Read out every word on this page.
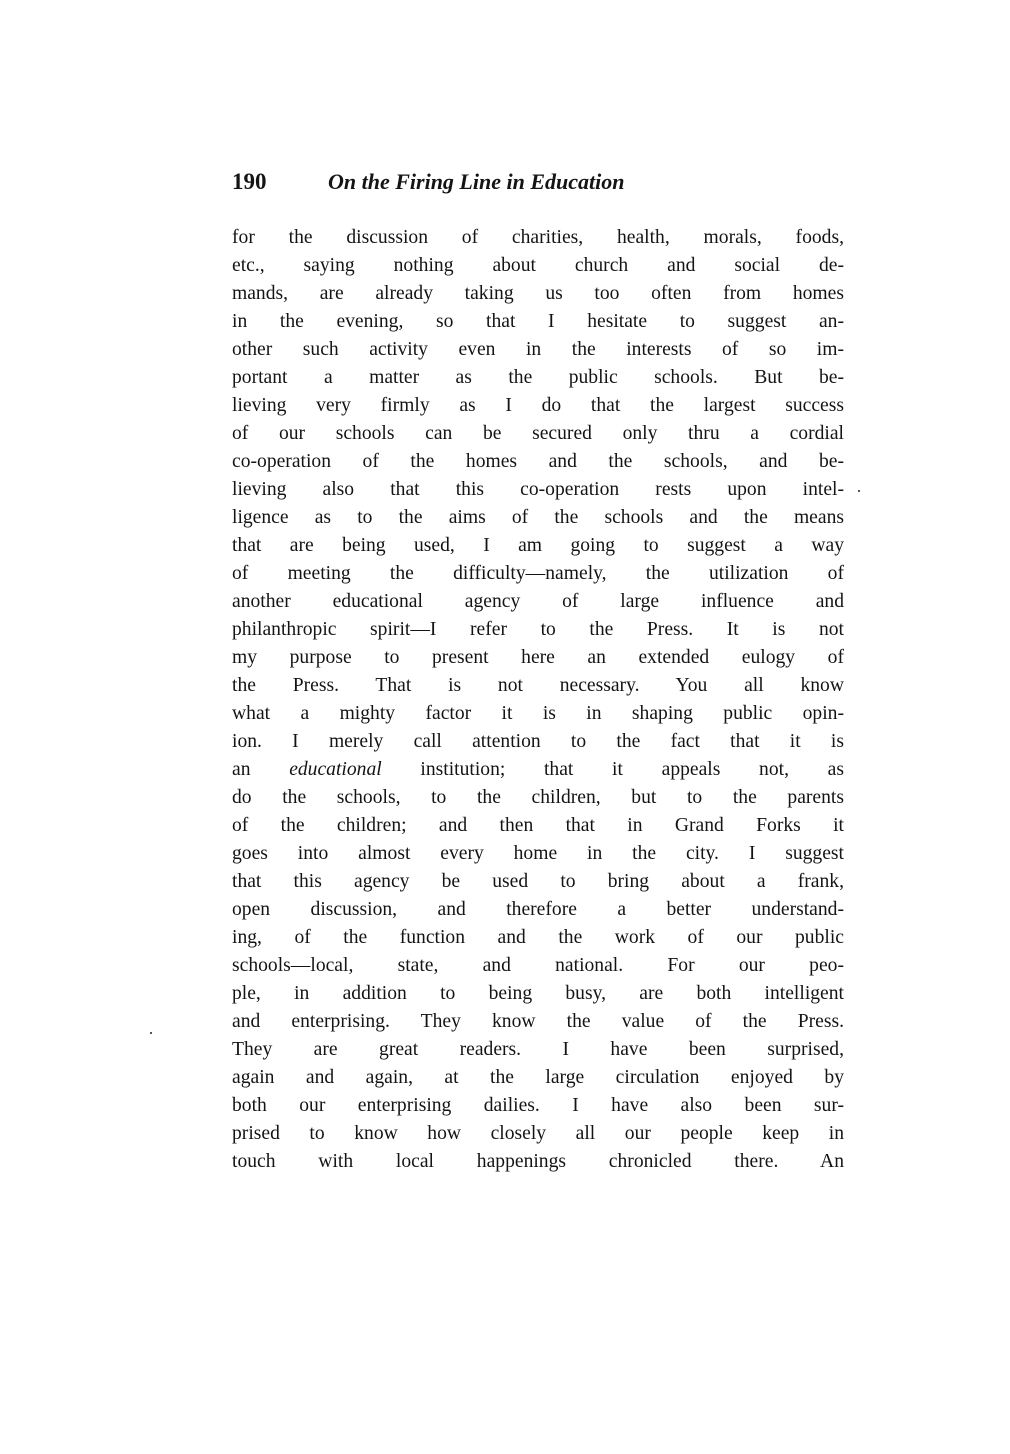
190	On the Firing Line in Education
for the discussion of charities, health, morals, foods,
etc., saying nothing about church and social de-
mands, are already taking us too often from homes
in the evening, so that I hesitate to suggest an-
other such activity even in the interests of so im-
portant a matter as the public schools. But be-
lieving very firmly as I do that the largest success
of our schools can be secured only thru a cordial
co-operation of the homes and the schools, and be-
lieving also that this co-operation rests upon intel-
ligence as to the aims of the schools and the means
that are being used, I am going to suggest a way
of meeting the difficulty—namely, the utilization of
another educational agency of large influence and
philanthropic spirit—I refer to the Press. It is not
my purpose to present here an extended eulogy of
the Press. That is not necessary. You all know
what a mighty factor it is in shaping public opin-
ion. I merely call attention to the fact that it is
an educational institution; that it appeals not, as
do the schools, to the children, but to the parents
of the children; and then that in Grand Forks it
goes into almost every home in the city. I suggest
that this agency be used to bring about a frank,
open discussion, and therefore a better understand-
ing, of the function and the work of our public
schools—local, state, and national. For our peo-
ple, in addition to being busy, are both intelligent
and enterprising. They know the value of the Press.
They are great readers. I have been surprised,
again and again, at the large circulation enjoyed by
both our enterprising dailies. I have also been sur-
prised to know how closely all our people keep in
touch with local happenings chronicled there. An
